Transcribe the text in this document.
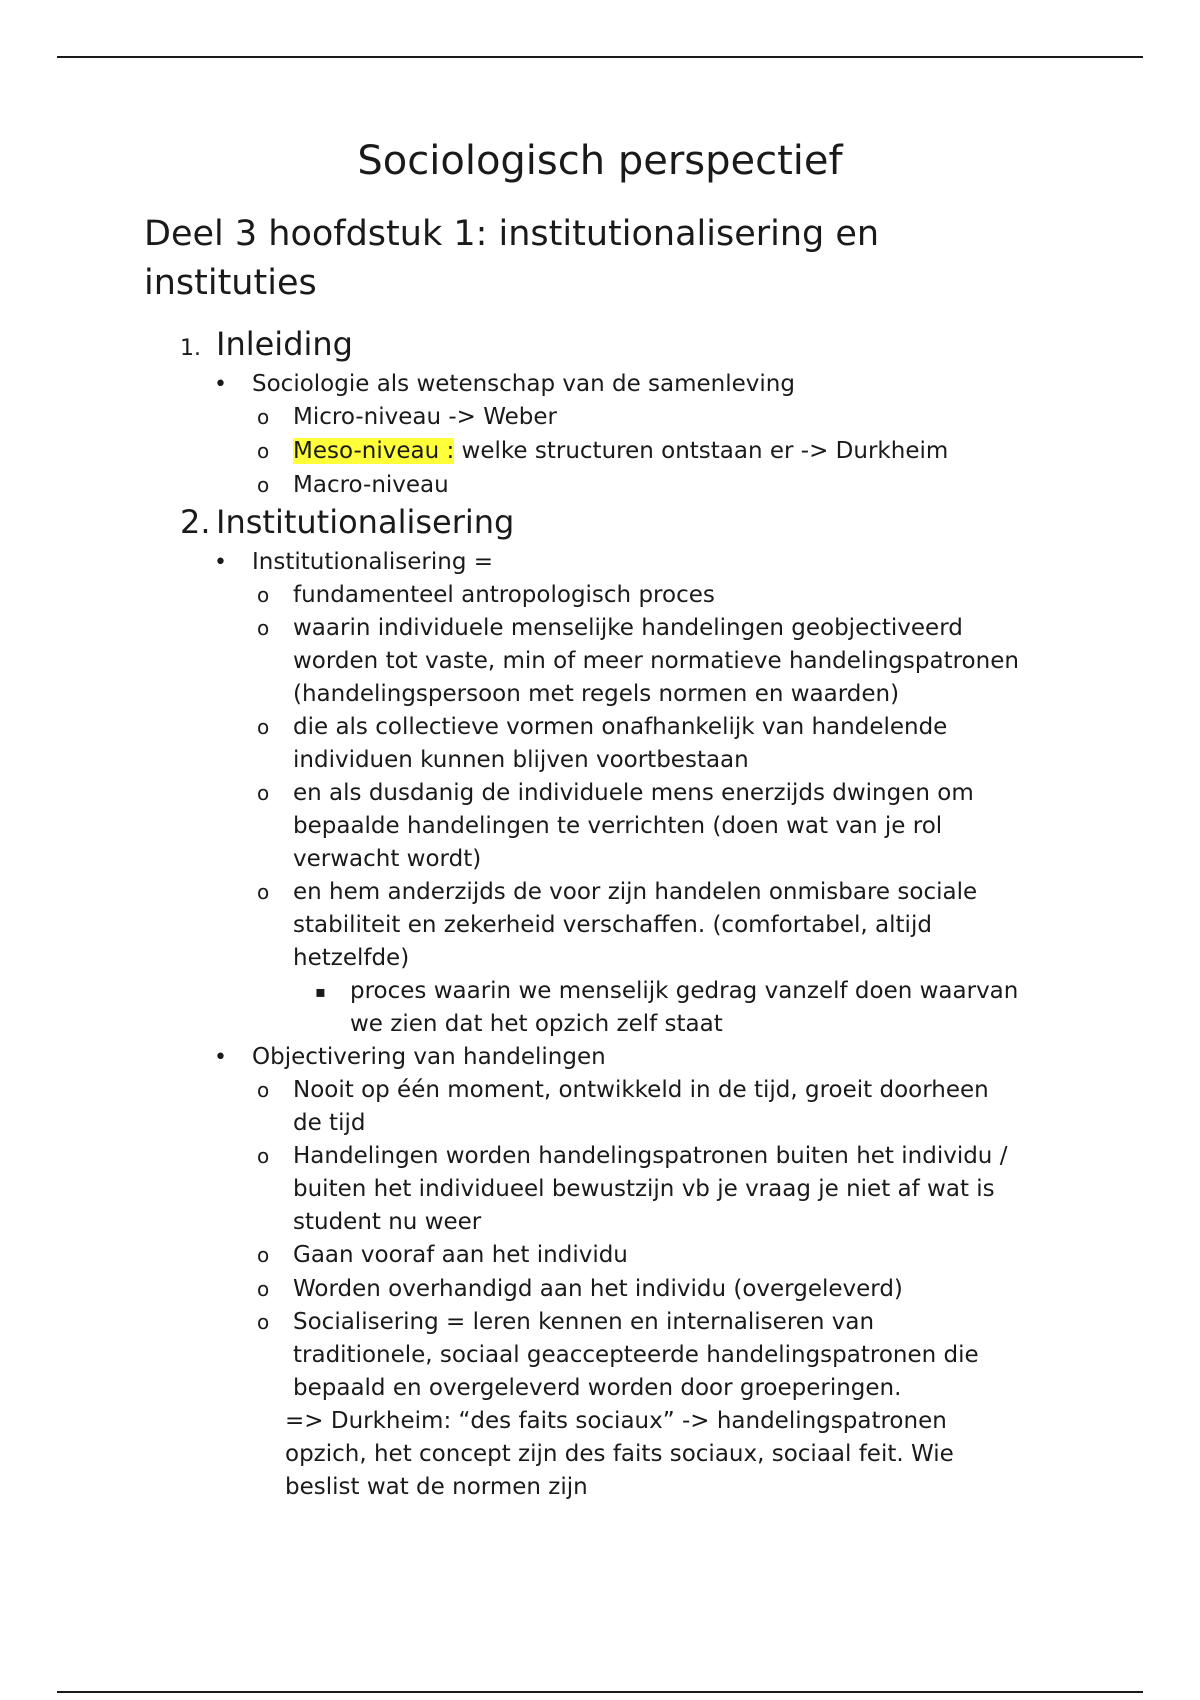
Sociologisch perspectief
Deel 3 hoofdstuk 1: institutionalisering en instituties
1. Inleiding
• Sociologie als wetenschap van de samenleving
o Micro-niveau -> Weber
o Meso-niveau : welke structuren ontstaan er -> Durkheim
o Macro-niveau
2. Institutionalisering
• Institutionalisering =
o fundamenteel antropologisch proces
o waarin individuele menselijke handelingen geobjectiveerd
worden tot vaste, min of meer normatieve handelingspatronen
(handelingspersoon met regels normen en waarden)
o die als collectieve vormen onafhankelijk van handelende
individuen kunnen blijven voortbestaan
o en als dusdanig de individuele mens enerzijds dwingen om
bepaalde handelingen te verrichten (doen wat van je rol
verwacht wordt)
o en hem anderzijds de voor zijn handelen onmisbare sociale
stabiliteit en zekerheid verschaffen. (comfortabel, altijd
hetzelfde)
▪ proces waarin we menselijk gedrag vanzelf doen waarvan
we zien dat het opzich zelf staat
• Objectivering van handelingen
o Nooit op één moment, ontwikkeld in de tijd, groeit doorheen
de tijd
o Handelingen worden handelingspatronen buiten het individu /
buiten het individueel bewustzijn vb je vraag je niet af wat is
student nu weer
o Gaan vooraf aan het individu
o Worden overhandigd aan het individu (overgeleverd)
o Socialisering = leren kennen en internaliseren van
traditionele, sociaal geaccepteerde handelingspatronen die
bepaald en overgeleverd worden door groeperingen.
=> Durkheim: “des faits sociaux” -> handelingspatronen
opzich, het concept zijn des faits sociaux, sociaal feit. Wie
beslist wat de normen zijn
